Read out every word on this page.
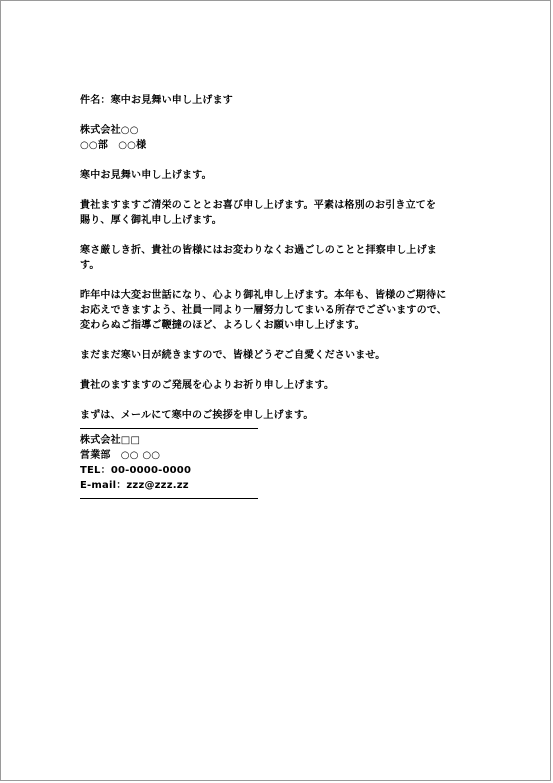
件名：寒中お見舞い申し上げます
株式会社○○
○○部　○○様
寒中お見舞い申し上げます。
貴社ますますご清栄のこととお喜び申し上げます。平素は格別のお引き立てを
賜り、厚く御礼申し上げます。
寒さ厳しき折、貴社の皆様にはお変わりなくお過ごしのことと拝察申し上げま
す。
昨年中は大変お世話になり、心より御礼申し上げます。本年も、皆様のご期待に
お応えできますよう、社員一同より一層努力してまいる所存でございますので、
変わらぬご指導ご鞭撻のほど、よろしくお願い申し上げます。
まだまだ寒い日が続きますので、皆様どうぞご自愛くださいませ。
貴社のますますのご発展を心よりお祈り申し上げます。
まずは、メールにて寒中のご挨拶を申し上げます。
株式会社□□
営業部　○○ ○○
TEL：00-0000-0000
E-mail：zzz@zzz.zz
